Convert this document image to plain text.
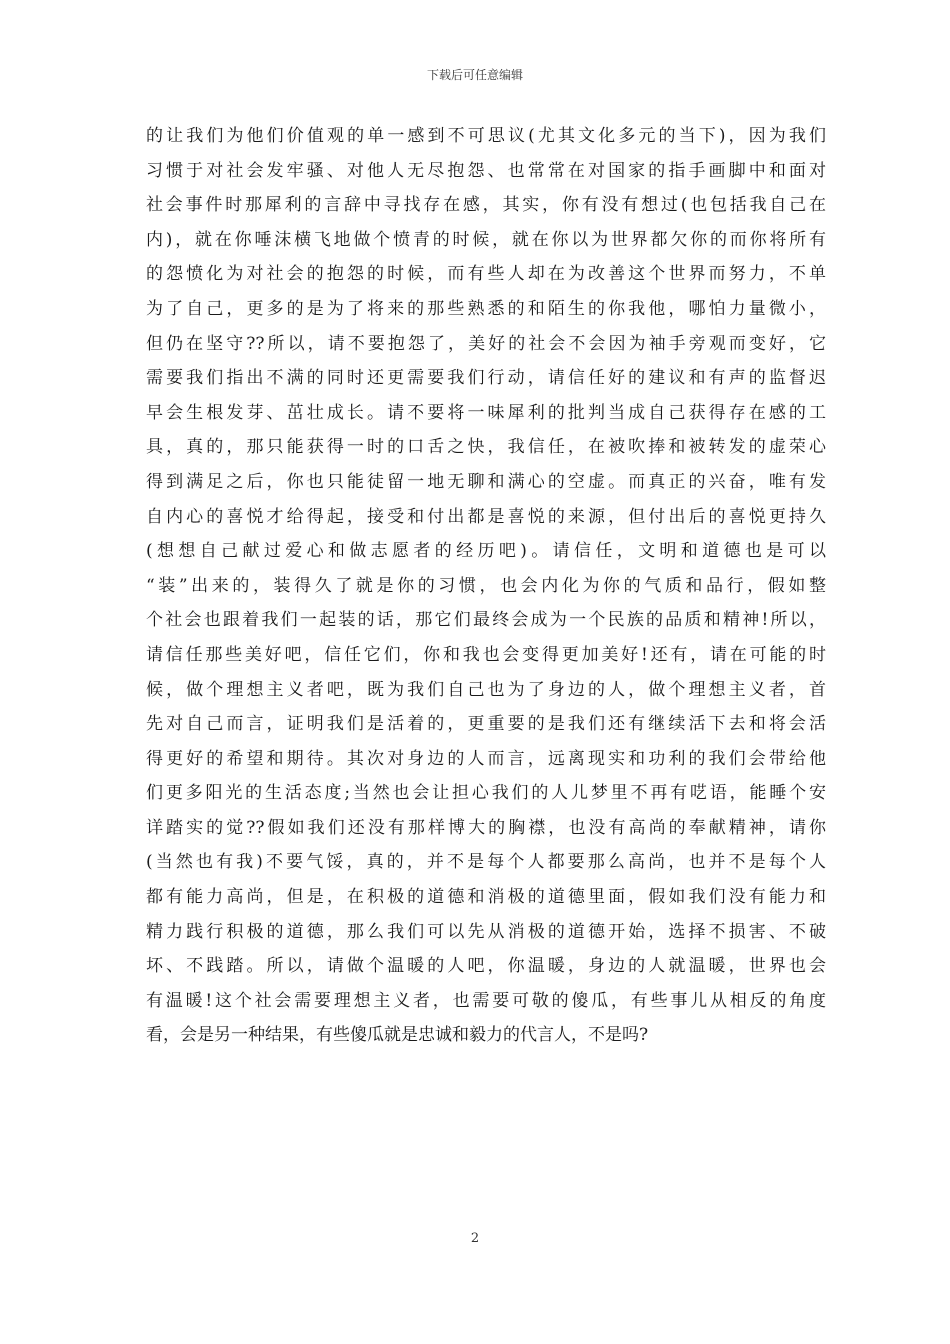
下载后可任意编辑
的让我们为他们价值观的单一感到不可思议(尤其文化多元的当下)，因为我们
习惯于对社会发牢骚、对他人无尽抱怨、也常常在对国家的指手画脚中和面对
社会事件时那犀利的言辞中寻找存在感，其实，你有没有想过(也包括我自己在
内)，就在你唾沫横飞地做个愤青的时候，就在你以为世界都欠你的而你将所有
的怨愤化为对社会的抱怨的时候，而有些人却在为改善这个世界而努力，不单
为了自己，更多的是为了将来的那些熟悉的和陌生的你我他，哪怕力量微小，
但仍在坚守??所以，请不要抱怨了，美好的社会不会因为袖手旁观而变好，它
需要我们指出不满的同时还更需要我们行动，请信任好的建议和有声的监督迟
早会生根发芽、茁壮成长。请不要将一味犀利的批判当成自己获得存在感的工
具，真的，那只能获得一时的口舌之快，我信任，在被吹捧和被转发的虚荣心
得到满足之后，你也只能徒留一地无聊和满心的空虚。而真正的兴奋，唯有发
自内心的喜悦才给得起，接受和付出都是喜悦的来源，但付出后的喜悦更持久
(想想自己献过爱心和做志愿者的经历吧)。请信任，文明和道德也是可以
“装”出来的，装得久了就是你的习惯，也会内化为你的气质和品行，假如整
个社会也跟着我们一起装的话，那它们最终会成为一个民族的品质和精神!所以，
请信任那些美好吧，信任它们，你和我也会变得更加美好!还有，请在可能的时
候，做个理想主义者吧，既为我们自己也为了身边的人，做个理想主义者，首
先对自己而言，证明我们是活着的，更重要的是我们还有继续活下去和将会活
得更好的希望和期待。其次对身边的人而言，远离现实和功利的我们会带给他
们更多阳光的生活态度;当然也会让担心我们的人儿梦里不再有呓语，能睡个安
详踏实的觉??假如我们还没有那样博大的胸襟，也没有高尚的奉献精神，请你
(当然也有我)不要气馁，真的，并不是每个人都要那么高尚，也并不是每个人
都有能力高尚，但是，在积极的道德和消极的道德里面，假如我们没有能力和
精力践行积极的道德，那么我们可以先从消极的道德开始，选择不损害、不破
坏、不践踏。所以，请做个温暖的人吧，你温暖，身边的人就温暖，世界也会
有温暖!这个社会需要理想主义者，也需要可敬的傻瓜，有些事儿从相反的角度
看，会是另一种结果，有些傻瓜就是忠诚和毅力的代言人，不是吗?
2
